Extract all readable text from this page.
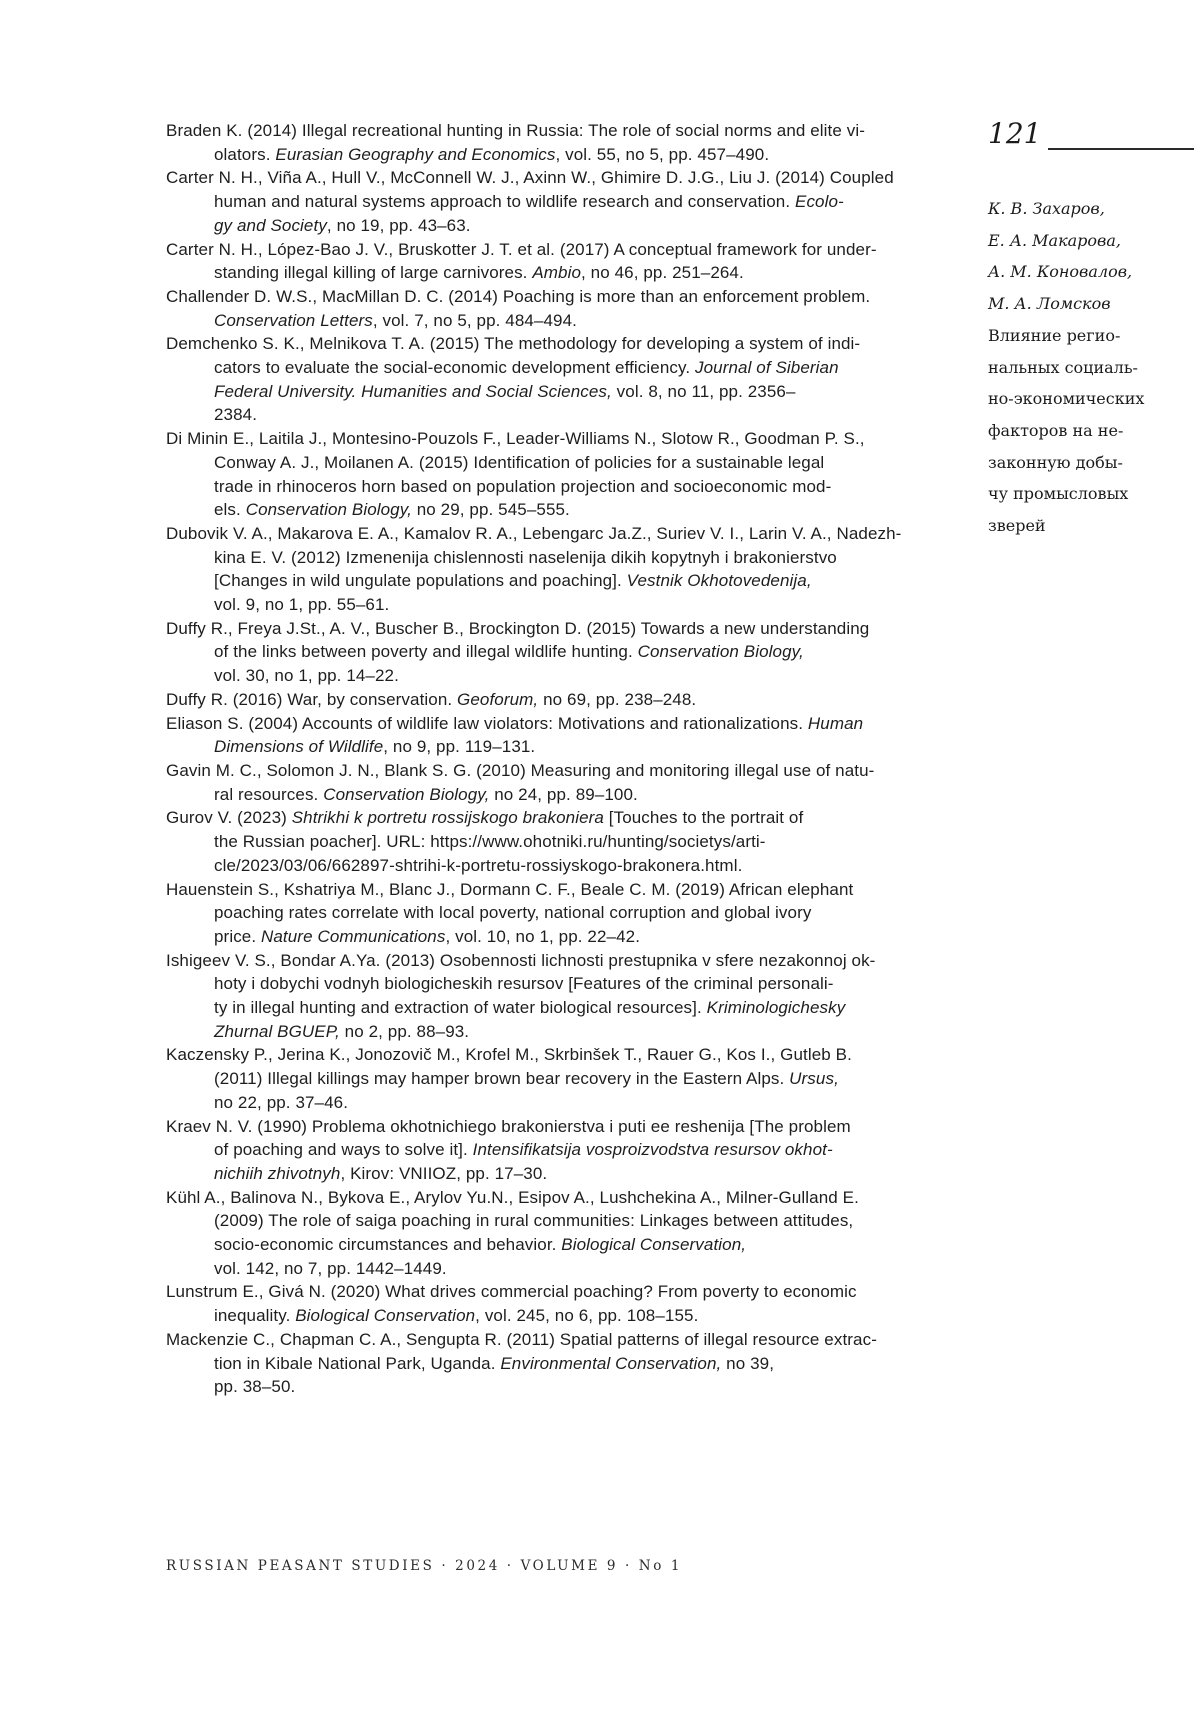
Braden K. (2014) Illegal recreational hunting in Russia: The role of social norms and elite vi-
olators. Eurasian Geography and Economics, vol. 55, no 5, pp. 457–490.
Carter N. H., Viña A., Hull V., McConnell W. J., Axinn W., Ghimire D. J.G., Liu J. (2014) Coupled
human and natural systems approach to wildlife research and conservation. Ecolo-
gy and Society, no 19, pp. 43–63.
Carter N. H., López-Bao J. V., Bruskotter J. T. et al. (2017) A conceptual framework for under-
standing illegal killing of large carnivores. Ambio, no 46, pp. 251–264.
Challender D. W.S., MacMillan D. C. (2014) Poaching is more than an enforcement problem.
Conservation Letters, vol. 7, no 5, pp. 484–494.
Demchenko S. K., Melnikova T. A. (2015) The methodology for developing a system of indi-
cators to evaluate the social-economic development efficiency. Journal of Siberian
Federal University. Humanities and Social Sciences, vol. 8, no 11, pp. 2356–
2384.
Di Minin E., Laitila J., Montesino-Pouzols F., Leader-Williams N., Slotow R., Goodman P. S.,
Conway A. J., Moilanen A. (2015) Identification of policies for a sustainable legal
trade in rhinoceros horn based on population projection and socioeconomic mod-
els. Conservation Biology, no 29, pp. 545–555.
Dubovik V. A., Makarova E. A., Kamalov R. A., Lebengarc Ja.Z., Suriev V. I., Larin V. A., Nadezh-
kina E. V. (2012) Izmenenija chislennosti naselenija dikih kopytnyh i brakonierstvo
[Changes in wild ungulate populations and poaching]. Vestnik Okhotovedenija,
vol. 9, no 1, pp. 55–61.
Duffy R., Freya J.St., A. V., Buscher B., Brockington D. (2015) Towards a new understanding
of the links between poverty and illegal wildlife hunting. Conservation Biology,
vol. 30, no 1, pp. 14–22.
Duffy R. (2016) War, by conservation. Geoforum, no 69, pp. 238–248.
Eliason S. (2004) Accounts of wildlife law violators: Motivations and rationalizations. Human
Dimensions of Wildlife, no 9, pp. 119–131.
Gavin M. C., Solomon J. N., Blank S. G. (2010) Measuring and monitoring illegal use of natu-
ral resources. Conservation Biology, no 24, pp. 89–100.
Gurov V. (2023) Shtrikhi k portretu rossijskogo brakoniera [Touches to the portrait of
the Russian poacher]. URL: https://www.ohotniki.ru/hunting/societys/arti-
cle/2023/03/06/662897-shtrihi-k-portretu-rossiyskogo-brakonera.html.
Hauenstein S., Kshatriya M., Blanc J., Dormann C. F., Beale C. M. (2019) African elephant
poaching rates correlate with local poverty, national corruption and global ivory
price. Nature Communications, vol. 10, no 1, pp. 22–42.
Ishigeev V. S., Bondar A.Ya. (2013) Osobennosti lichnosti prestupnika v sfere nezakonnoj ok-
hoty i dobychi vodnyh biologicheskih resursov [Features of the criminal personali-
ty in illegal hunting and extraction of water biological resources]. Kriminologichesky
Zhurnal BGUEP, no 2, pp. 88–93.
Kaczensky P., Jerina K., Jonozovič M., Krofel M., Skrbinšek T., Rauer G., Kos I., Gutleb B.
(2011) Illegal killings may hamper brown bear recovery in the Eastern Alps. Ursus,
no 22, pp. 37–46.
Kraev N. V. (1990) Problema okhotnichiego brakonierstva i puti ee reshenija [The problem
of poaching and ways to solve it]. Intensifikatsija vosproizvodstva resursov okhot-
nichiih zhivotnyh, Kirov: VNIIOZ, pp. 17–30.
Kühl A., Balinova N., Bykova E., Arylov Yu.N., Esipov A., Lushchekina A., Milner-Gulland E.
(2009) The role of saiga poaching in rural communities: Linkages between attitudes,
socio-economic circumstances and behavior. Biological Conservation,
vol. 142, no 7, pp. 1442–1449.
Lunstrum E., Givá N. (2020) What drives commercial poaching? From poverty to economic
inequality. Biological Conservation, vol. 245, no 6, pp. 108–155.
Mackenzie C., Chapman C. A., Sengupta R. (2011) Spatial patterns of illegal resource extrac-
tion in Kibale National Park, Uganda. Environmental Conservation, no 39,
pp. 38–50.
121
К. В. Захаров,
Е. А. Макарова,
А. М. Коновалов,
М. А. Ломсков
Влияние регио-
нальных социаль-
но-экономических
факторов на не-
законную добы-
чу промысловых
зверей
RUSSIAN PEASANT STUDIES · 2024 · VOLUME 9 · No 1
